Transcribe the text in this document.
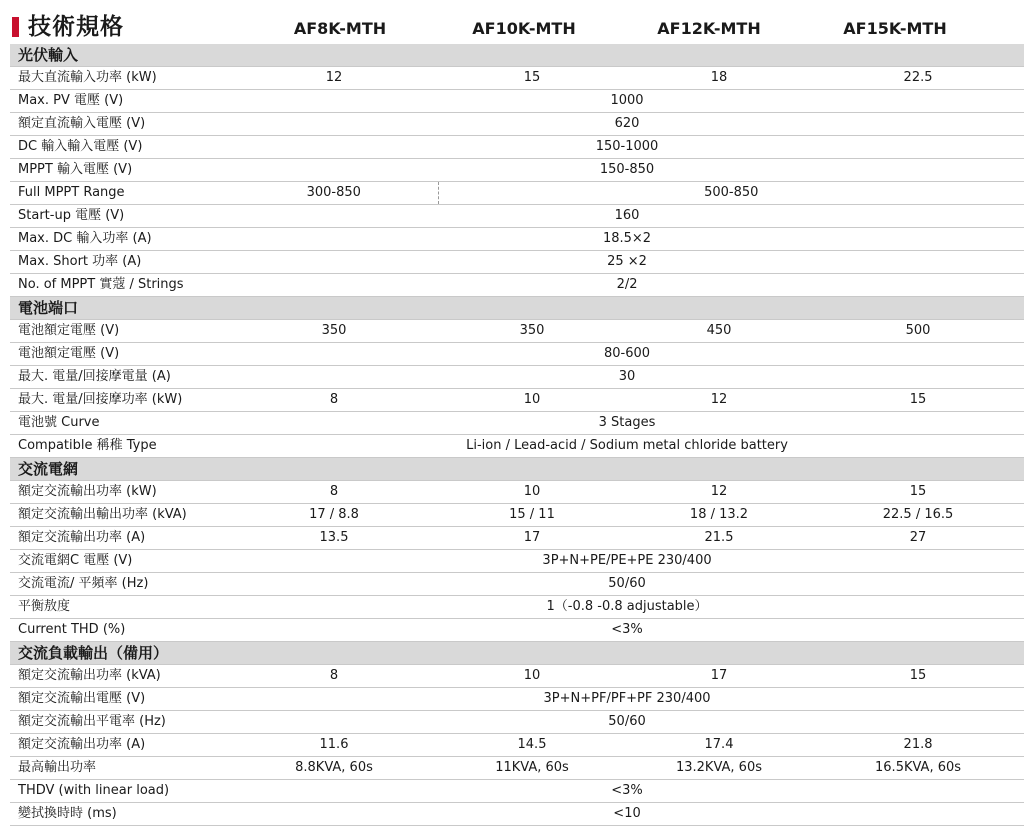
技術規格	AF8K-MTH	AF10K-MTH	AF12K-MTH	AF15K-MTH
光伏輸入				
最大直流輸入功率 (kW)	12	15	18	22.5
Max. PV 電壓 (V)	1000			
額定直流輸入電壓 (V)	620			
DC 輸入輸入電壓 (V)	150-1000			
MPPT 輸入電壓 (V)	150-850			
Full MPPT Range	300-850	500-850		
Start-up 電壓 (V)	160			
Max. DC 輸入功率 (A)	18.5×2			
Max. Short 功率 (A)	25 ×2			
No. of MPPT 實蔻 / Strings	2/2			
電池端口				
電池額定電壓 (V)	350	350	450	500
電池額定電壓 (V)	80-600			
最大. 電量/回接摩電量 (A)	30			
最大. 電量/回接摩功率 (kW)	8	10	12	15
電池號 Curve	3 Stages			
Compatible 稱稚 Type	Li-ion / Lead-acid / Sodium metal chloride battery			
交流電網				
額定交流輸出功率 (kW)	8	10	12	15
額定交流輸出輸出功率 (kVA)	17 / 8.8	15 / 11	18 / 13.2	22.5 / 16.5
額定交流輸出功率 (A)	13.5	17	21.5	27
交流電網C 電壓 (V)	3P+N+PE/PE+PE 230/400			
交流電流/ 平頻率 (Hz)	50/60			
平衡敖度	1（-0.8 -0.8 adjustable）			
Current THD (%)	<3%			
交流負載輸出（備用）				
額定交流輸出功率 (kVA)	8	10	17	15
額定交流輸出電壓 (V)	3P+N+PF/PF+PF 230/400			
額定交流輸出平電率 (Hz)	50/60			
額定交流輸出功率 (A)	11.6	14.5	17.4	21.8
最高輸出功率	8.8KVA, 60s	11KVA, 60s	13.2KVA, 60s	16.5KVA, 60s
THDV (with linear load)	<3%			
變拭換時時 (ms)	<10			
